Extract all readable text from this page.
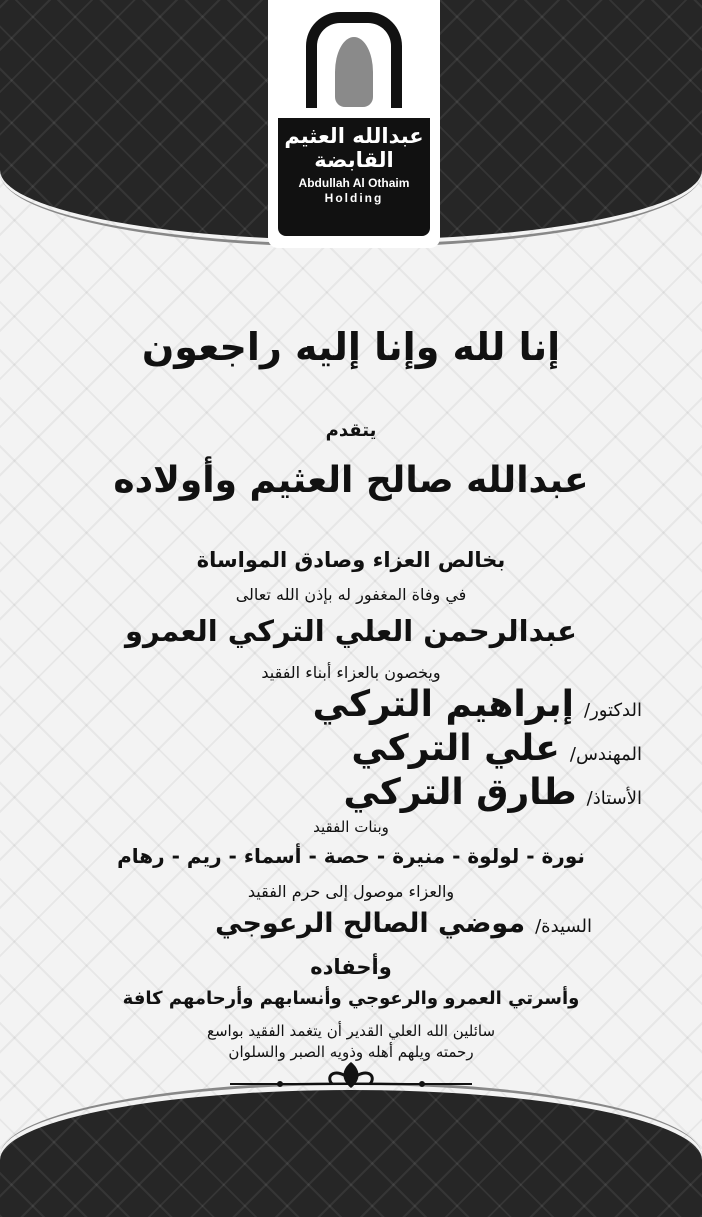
عبدالله العثيم
القابضة
Abdullah Al Othaim
Holding
إنا لله وإنا إليه راجعون
يتقدم
عبدالله صالح العثيم وأولاده
بخالص العزاء وصادق المواساة
في وفاة المغفور له بإذن الله تعالى
عبدالرحمن العلي التركي العمرو
ويخصون بالعزاء أبناء الفقيد
الدكتور/
إبراهيم التركي
المهندس/
علي التركي
الأستاذ/
طارق التركي
وبنات الفقيد
نورة - لولوة - منيرة - حصة - أسماء - ريم - رهام
والعزاء موصول إلى حرم الفقيد
السيدة/
موضي الصالح الرعوجي
وأحفاده
وأسرتي العمرو والرعوجي وأنسابهم وأرحامهم كافة
سائلين الله العلي القدير أن يتغمد الفقيد بواسع
رحمته ويلهم أهله وذويه الصبر والسلوان
